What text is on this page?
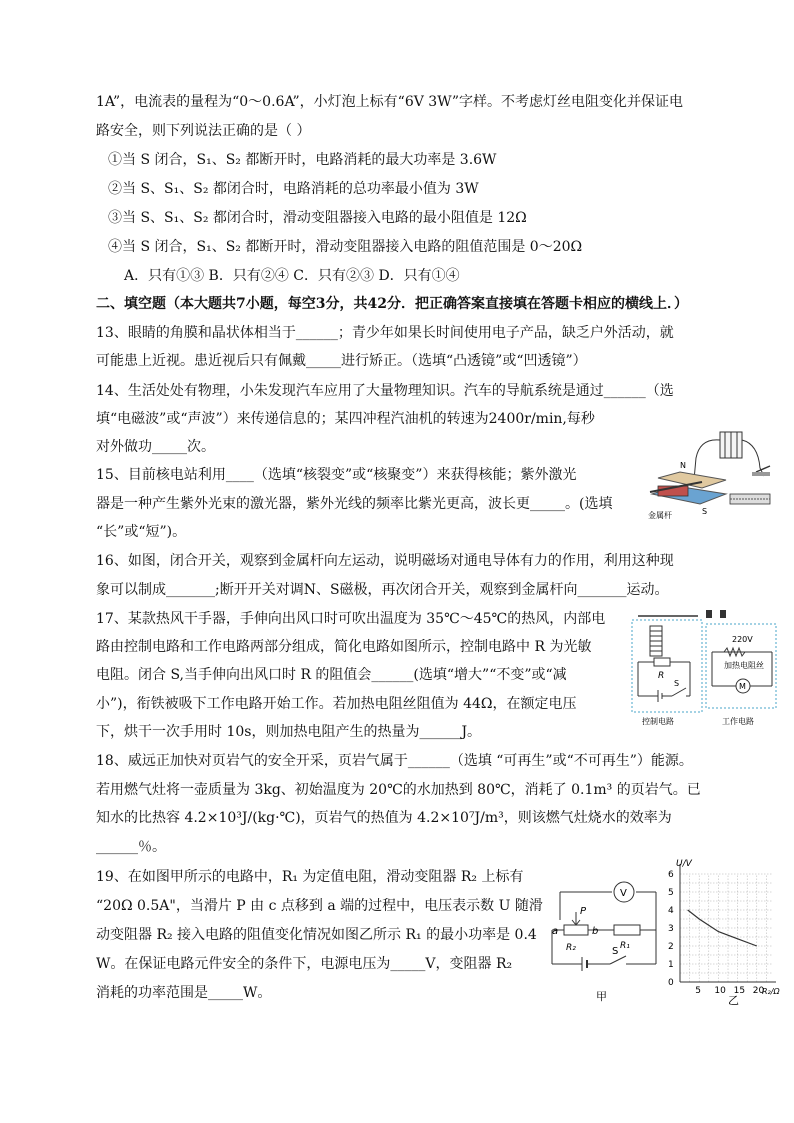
1A”，电流表的量程为“0～0.6A”，小灯泡上标有“6V 3W”字样。不考虑灯丝电阻变化并保证电
路安全，则下列说法正确的是（ ）
①当 S 闭合，S₁、S₂ 都断开时，电路消耗的最大功率是 3.6W
②当 S、S₁、S₂ 都闭合时，电路消耗的总功率最小值为 3W
③当 S、S₁、S₂ 都闭合时，滑动变阻器接入电路的最小阻值是 12Ω
④当 S 闭合，S₁、S₂ 都断开时，滑动变阻器接入电路的阻值范围是 0～20Ω
A．只有①③ B．只有②④ C．只有②③ D．只有①④
二、填空题（本大题共7小题，每空3分，共42分．把正确答案直接填在答题卡相应的横线上．）
13、眼睛的角膜和晶状体相当于______；青少年如果长时间使用电子产品，缺乏户外活动，就
可能患上近视。患近视后只有佩戴_____进行矫正。（选填“凸透镜”或“凹透镜”）
14、生活处处有物理，小朱发现汽车应用了大量物理知识。汽车的导航系统是通过______（选
填“电磁波”或“声波”）来传递信息的；某四冲程汽油机的转速为2400r/min,每秒
对外做功_____次。
15、目前核电站利用____（选填“核裂变”或“核聚变”）来获得核能；紫外激光
器是一种产生紫外光束的激光器，紫外光线的频率比紫光更高，波长更_____。(选填
“长”或“短”)。
N
S
金属杆
16、如图，闭合开关，观察到金属杆向左运动，说明磁场对通电导体有力的作用，利用这种现
象可以制成_______;断开开关对调N、S磁极，再次闭合开关，观察到金属杆向_______运动。
17、某款热风干手器，手伸向出风口时可吹出温度为 35℃～45℃的热风，内部电
路由控制电路和工作电路两部分组成，简化电路如图所示，控制电路中 R 为光敏
电阻。闭合 S,当手伸向出风口时 R 的阻值会______(选填“增大”“不变”或“减
小”)，衔铁被吸下工作电路开始工作。若加热电阻丝阻值为 44Ω，在额定电压
下，烘干一次手用时 10s，则加热电阻产生的热量为______J。
R
S
220V
加热电阻丝
M
控制电路	工作电路
18、威远正加快对页岩气的安全开采，页岩气属于______（选填 “可再生”或“不可再生”）能源。
若用燃气灶将一壶质量为 3kg、初始温度为 20℃的水加热到 80℃，消耗了 0.1m³ 的页岩气。已
知水的比热容 4.2×10³J/(kg·℃)，页岩气的热值为 4.2×10⁷J/m³，则该燃气灶烧水的效率为
______％。
19、在如图甲所示的电路中，R₁ 为定值电阻，滑动变阻器 R₂ 上标有
“20Ω 0.5A"，当滑片 P 由 c 点移到 a 端的过程中，电压表示数 U 随滑
动变阻器 R₂ 接入电路的阻值变化情况如图乙所示 R₁ 的最小功率是 0.4
W。在保证电路元件安全的条件下，电源电压为_____V，变阻器 R₂
消耗的功率范围是_____W。
V
P
a	b
R₂	R₁
S
甲
U/V
R₂/Ω
0
1
2
3
4
5
6
5 10 15 20
乙
